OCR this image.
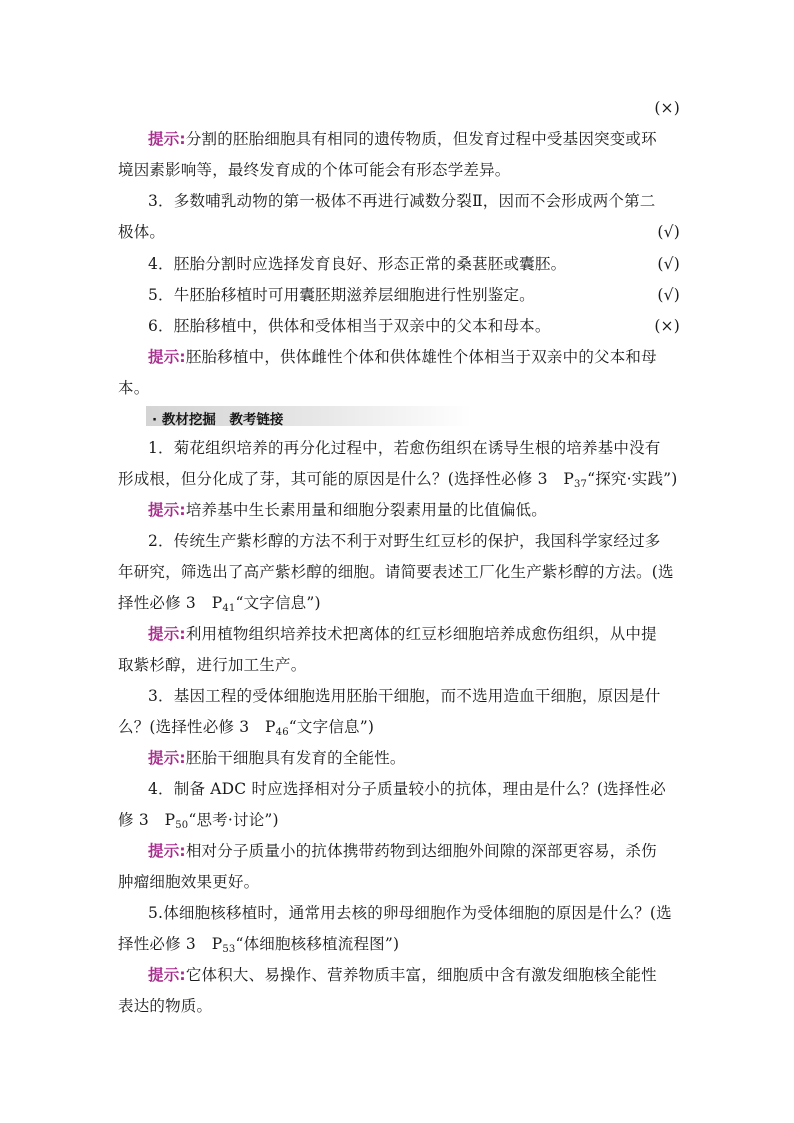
(×)
提示:分割的胚胎细胞具有相同的遗传物质，但发育过程中受基因突变或环
境因素影响等，最终发育成的个体可能会有形态学差异。
3．多数哺乳动物的第一极体不再进行减数分裂Ⅱ，因而不会形成两个第二
极体。	(√)
4．胚胎分割时应选择发育良好、形态正常的桑葚胚或囊胚。	(√)
5．牛胚胎移植时可用囊胚期滋养层细胞进行性别鉴定。	(√)
6．胚胎移植中，供体和受体相当于双亲中的父本和母本。	(×)
提示:胚胎移植中，供体雌性个体和供体雄性个体相当于双亲中的父本和母
本。
· 教材挖掘　教考链接
1．菊花组织培养的再分化过程中，若愈伤组织在诱导生根的培养基中没有
形成根，但分化成了芽，其可能的原因是什么？(选择性必修 3　$P_{37}“$探究·实践”)
提示:培养基中生长素用量和细胞分裂素用量的比值偏低。
2．传统生产紫杉醇的方法不利于对野生红豆杉的保护，我国科学家经过多
年研究，筛选出了高产紫杉醇的细胞。请简要表述工厂化生产紫杉醇的方法。(选
择性必修 3　$P_{41}“$文字信息”)
提示:利用植物组织培养技术把离体的红豆杉细胞培养成愈伤组织，从中提
取紫杉醇，进行加工生产。
3．基因工程的受体细胞选用胚胎干细胞，而不选用造血干细胞，原因是什
么？(选择性必修 3　$P_{46}“$文字信息”)
提示:胚胎干细胞具有发育的全能性。
4．制备 ADC 时应选择相对分子质量较小的抗体，理由是什么？(选择性必
修 3　$P_{50}“$思考·讨论”)
提示:相对分子质量小的抗体携带药物到达细胞外间隙的深部更容易，杀伤
肿瘤细胞效果更好。
5.体细胞核移植时，通常用去核的卵母细胞作为受体细胞的原因是什么？(选
择性必修 3　$P_{53}“$体细胞核移植流程图”)
提示:它体积大、易操作、营养物质丰富，细胞质中含有激发细胞核全能性
表达的物质。
